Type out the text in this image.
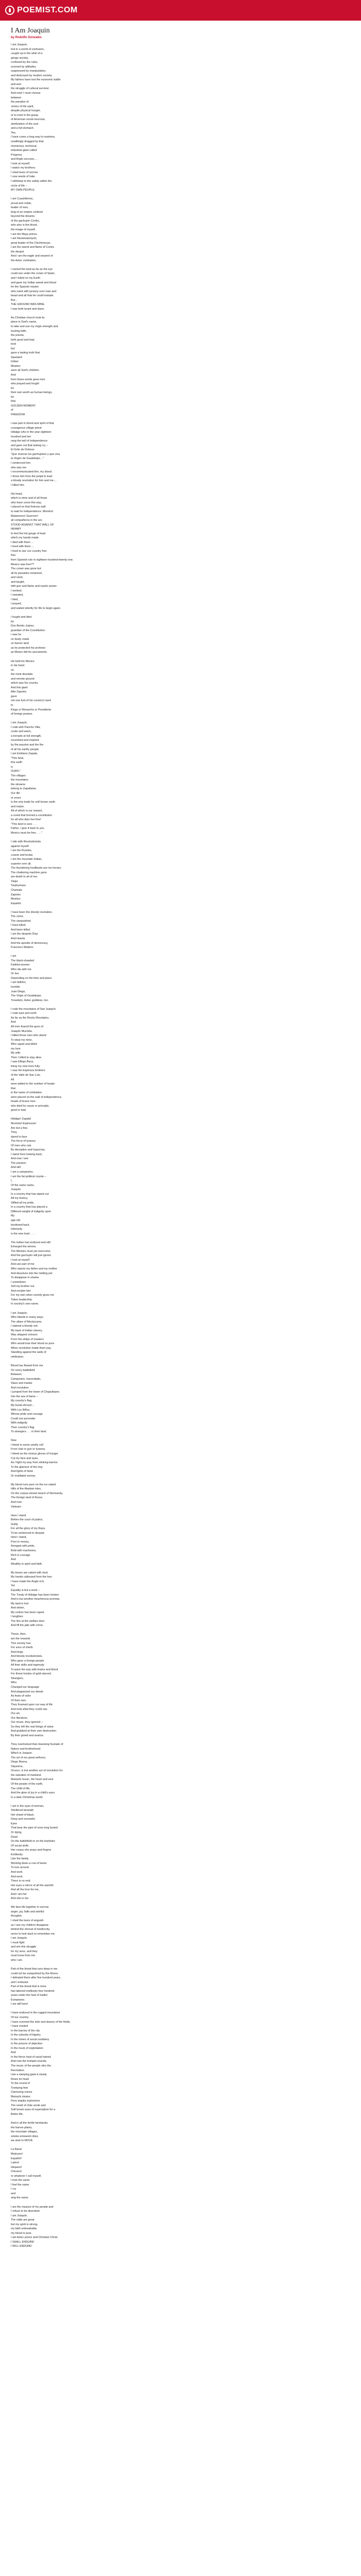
POEMIST.COM
I Am Joaquin
by Rodolfo Gonzales
I am Joaquin,
lost in a world of confusion,
caught up in the whirl of a
gringo society,
confused by the rules,
scorned by attitudes,
suppressed by manipulation,
and destroyed by modern society.
My fathers have lost the economic battle
and won
the struggle of cultural survival.
And now! I must choose
between
the paradox of
victory of the spirit,
despite physical hunger,
or to exist in the grasp
of American social neurosis,
sterilization of the soul
and a full stomach.
Yes,
I have come a long way to nowhere,
unwillingly dragged by that
monstrous, technical,
industrial giant called
Progress
and Anglo success....
I look at myself.
I watch my brothers.
I shed tears of sorrow.
I sow seeds of hate.
I withdraw to the safety within the
circle of life --
MY OWN PEOPLE.
I am Cuauhtémoc,
proud and noble,
leader of men,
king of an empire civilized
beyond the dreams
of the gachupín Cortés,
who also is the blood,
the image of myself.
I am the Maya prince.
I am Nezahualcóyotl,
great leader of the Chichimecas.
I am the sword and flame of Cortes
the despot
And I am the eagle and serpent of
the Aztec civilization.
I owned the land as far as the eye
could see under the crown of Spain,
and I toiled on my Earth
and gave my Indian sweat and blood
for the Spanish master
who ruled with tyranny over man and
beast and all that he could trample.
But...
THE GROUND WAS MINE.
I was both tyrant and slave.
As Christian church took its
place in God's name,
to take and use my virgin strength and
trusting faith,
the priests,
both good and bad,
took
but
gave a lasting truth that
Spaniard
Indian
Mestizo
were all God's children.
And
from these words grew men
who prayed and fought
for
their own worth as human beings,
for
that
GOLDEN MOMENT
of
FREEDOM.
I was part in blood and spirit of that
courageous village priest
Hidalgo who in the year eighteen
hundred and ten
rang the bell of independence
and gave out that lasting cry --
El Grito de Dolores
"Que mueran los gachupines y que viva
la Virgen de Guadalupe...."
I sentenced him
who was me
I excommunicated him, my blood.
I drove him from the pulpit to lead
a bloody revolution for him and me....
I killed him.
His head,
which is mine and of all those
who have come this way,
I placed on that fortress wall
to wait for independence. Morelos!
Matamoros! Guerrero!
all compañeros in the act,
STOOD AGAINST THAT WALL OF
INFAMY
to feel the hot gouge of lead
which my hands made.
I died with them ...
I lived with them ...
I lived to see our country free
free
from Spanish rule in eighteen-hundred-twenty-one.
Mexico was free??
The crown was gone but
all its parasites remained,
and ruled,
and taught,
with gun and flame and mystic power.
I worked,
I sweated,
I bled,
I prayed,
and waited silently for life to begin again.
I fought and died
for
Don Benito Juárez,
guardian of the Constitution.
I was he
on dusty roads
on barren land
as he protected his archives
as Moses did his sacraments.
He held his Mexico
in his hand
on
the most desolate
and remote ground
which was his country.
And this giant
little Zapotec
gave
not one foot of his country's land
to
Kings or Monarchs or Presidents
of foreign powers.
I am Joaquin.
I rode with Pancho Villa,
crude and warm,
a tornado at full strength,
nourished and inspired
by the passion and the fire
of all his earthy people.
I am Emiliano Zapata.
"This land,
this earth
is
OURS."
The villages
the mountains
the streams
belong to Zapatistas.
Our life
or yours
is the only trade for soft brown earth
and maize.
All of which is our reward,
a creed that formed a constitution
for all who dare live free!
"This land is ours . . .
Father, I give it back to you.
Mexico must be free. . . ."
I ride with Revolutionists
against myself.
I am the Rurales,
coarse and brutal,
I am the mountain Indian,
superior over all.
The thundering hoofbeats are my horses.
The chattering machine guns
are death to all of me:
Yaqui
Tarahumara
Chamala
Zapotec
Mestizo
Español.
I have been the bloody revolution,
The victor,
The vanquished.
I have killed
And been killed.
I am the despots Díaz
And Huerta
And the apostle of democracy,
Francisco Madero.
I am
The black-shawled
Faithful women
Who die with me
Or live
Depending on the time and place.
I am faithful,
humble
Juan Diego,
The Virgin of Guadalupe,
Tonantzin, Aztec goddess, too.
I rode the mountains of San Joaquín.
I rode east and north
As far as the Rocky Mountains,
And
All men feared the guns of
Joaquín Murrieta.
I killed those men who dared
To steal my mine,
Who raped and killed
my love
My wife.
Then I killed to stay alive.
I was Elfego Baca,
living my nine lives fully.
I was the Espinoza brothers
of the Valle de San Luis.
All
were added to the number of heads
that
in the name of civilization
were placed on the wall of independence,
heads of brave men
who died for cause or principle,
good or bad.
Hidalgo! Zapata!
Murrieta! Espinozas!
Are but a few.
They
dared to face
The force of tyranny
Of men who rule
By deception and hypocrisy.
I stand here looking back,
And now I see
The present,
And still
I am a campesino,
I am the fat political coyote --
I,
Of the same name,
Joaquín.
In a country that has wiped out
All my history,
Stifled all my pride,
In a country that has placed a
Different weight of indignity upon
My
age-old
burdened back.
Inferiority
is the new load . . . .
The Indian has endured and still
Emerged the winner,
The Mestizo must yet overcome,
And the gachupín will just ignore.
I look at myself
And see part of me
Who rejects my father and my mother
And dissolves into the melting pot
To disappear in shame.
I sometimes
Sell my brother out
And reclaim him
For my own when society gives me
Token leadership
In society's own name.
I am Joaquín,
Who bleeds in many ways.
The altars of Moctezuma
I stained a bloody red.
My back of Indian slavery
Was stripped crimson
From the whips of masters
Who would lose their blood so pure
When revolution made them pay,
Standing against the walls of
retribution.
Blood has flowed from me
On every battlefield
Between
Campesino, hacendado,
Slave and master
And revolution.
I jumped from the tower of Chapultepec
Into the sea of fame --
My country's flag
My burial shroud --
With Los Niños,
Whose pride and courage
Could not surrender
With indignity
Their country's flag
To strangers . . . in their land.
Now
I bleed in some smelly cell
From club or gun or tyranny.
I bleed as the vicious gloves of hunger
Cut my face and eyes,
As I fight my way from stinking barrios
To the glamour of the ring
And lights of fame
Or mutilated sorrow.
My blood runs pure on the ice-caked
Hills of the Alaskan isles,
On the corpse-strewn beach of Normandy,
The foreign land of Korea
And now
Vietnam.
Here I stand
Before the court of justice,
Guilty
For all the glory of my Raza
To be sentenced to despair.
Here I stand,
Poor in money,
Arrogant with pride,
Bold with machismo,
Rich in courage
And
Wealthy in spirit and faith.
My knees are caked with mud.
My hands calloused from the hoe.
I have made the Anglo rich,
Yet
Equality is but a word --
The Treaty of Hidalgo has been broken
And is but another treacherous promise.
My land is lost
And stolen,
My culture has been raped.
I lengthen
The line at the welfare door
And fill the jails with crime.
These, then,
are the rewards
This society has
For sons of chiefs
And kings
And bloody revolutionists,
Who gave a foreign people
All their skills and ingenuity
To pave the way with brains and blood
For those hordes of gold-starved
Strangers,
Who
Changed our language
And plagiarized our deeds
As feats of valor
Of their own.
They frowned upon our way of life
And took what they could use.
Our art,
Our literature,
Our music, they ignored --
So they left the real things of value
And grabbed at their own destruction
By their greed and avarice.
They overlooked that cleansing fountain of
Nature and brotherhood
Which is Joaquin.
The art of our great señores,
Diego Rivera,
Siqueiros,
Orozco, is but another act of revolution for
the salvation of mankind.
Mariachi music, the heart and soul
Of the people of the earth,
The child of life,
And the glow of joy in a child's eyes
In a dark Christmas world.
I am in the eyes of woman,
Sheltered beneath
Her shawl of black,
Deep and sorrowful
Eyes
That bear the pain of sons long buried
Or dying,
Dead
On the battlefield or on the barbwire
Of social strife.
Her rosary she prays and fingers
Endlessly
Like the family
Working down a row of beets
To turn around
And work
And work.
There is no end.
Her eyes a mirror of all the warmth
And all the love for me,
And I am her
And she is me.
We face life together in sorrow,
anger, joy, faith and wishful
thoughts.
I shed the tears of anguish
as I see my children disappear
behind the shroud of mediocrity,
never to look back to remember me.
I am Joaquín.
I must fight
and win this struggle
for my sons, and they
must know from me
who I am.
Part of the blood that runs deep in me
could not be vanquished by the Moors.
I defeated them after five hundred years,
and I endured.
Part of the blood that is mine
has labored endlessly four hundred
years under the heel of lustful
Europeans.
I am still here!
I have endured in the rugged mountains
Of our country.
I have survived the toils and slavery of the fields.
I have existed
In the barrios of the city
In the suburbs of bigotry
In the mines of social snobbery
In the prisons of dejection
In the muck of exploitation
And
In the fierce heat of racial hatred.
And now the trumpet sounds,
The music of the people stirs the
Revolution.
Like a sleeping giant it slowly
Rears its head
To the sound of
Tramping feet
Clamoring voices
Mariachi strains
Fiery tequila explosions
The smell of chile verde and
Soft brown eyes of expectation for a
Better life.
And in all the fertile farmlands,
the barren plains,
the mountain villages,
smoke-smeared cities,
we start to MOVE.
La Raza!
Mejicano!
Español!
Latino!
Hispano!
Chicano!
or whatever I call myself,
I look the same
I feel the same
I cry
and
sing the same.
I am the masses of my people and
I refuse to be absorbed.
I am Joaquín.
The odds are great
but my spirit is strong,
my faith unbreakable,
my blood is pure.
I am Aztec prince and Christian Christ.
I SHALL ENDURE!
I WILL ENDURE!
